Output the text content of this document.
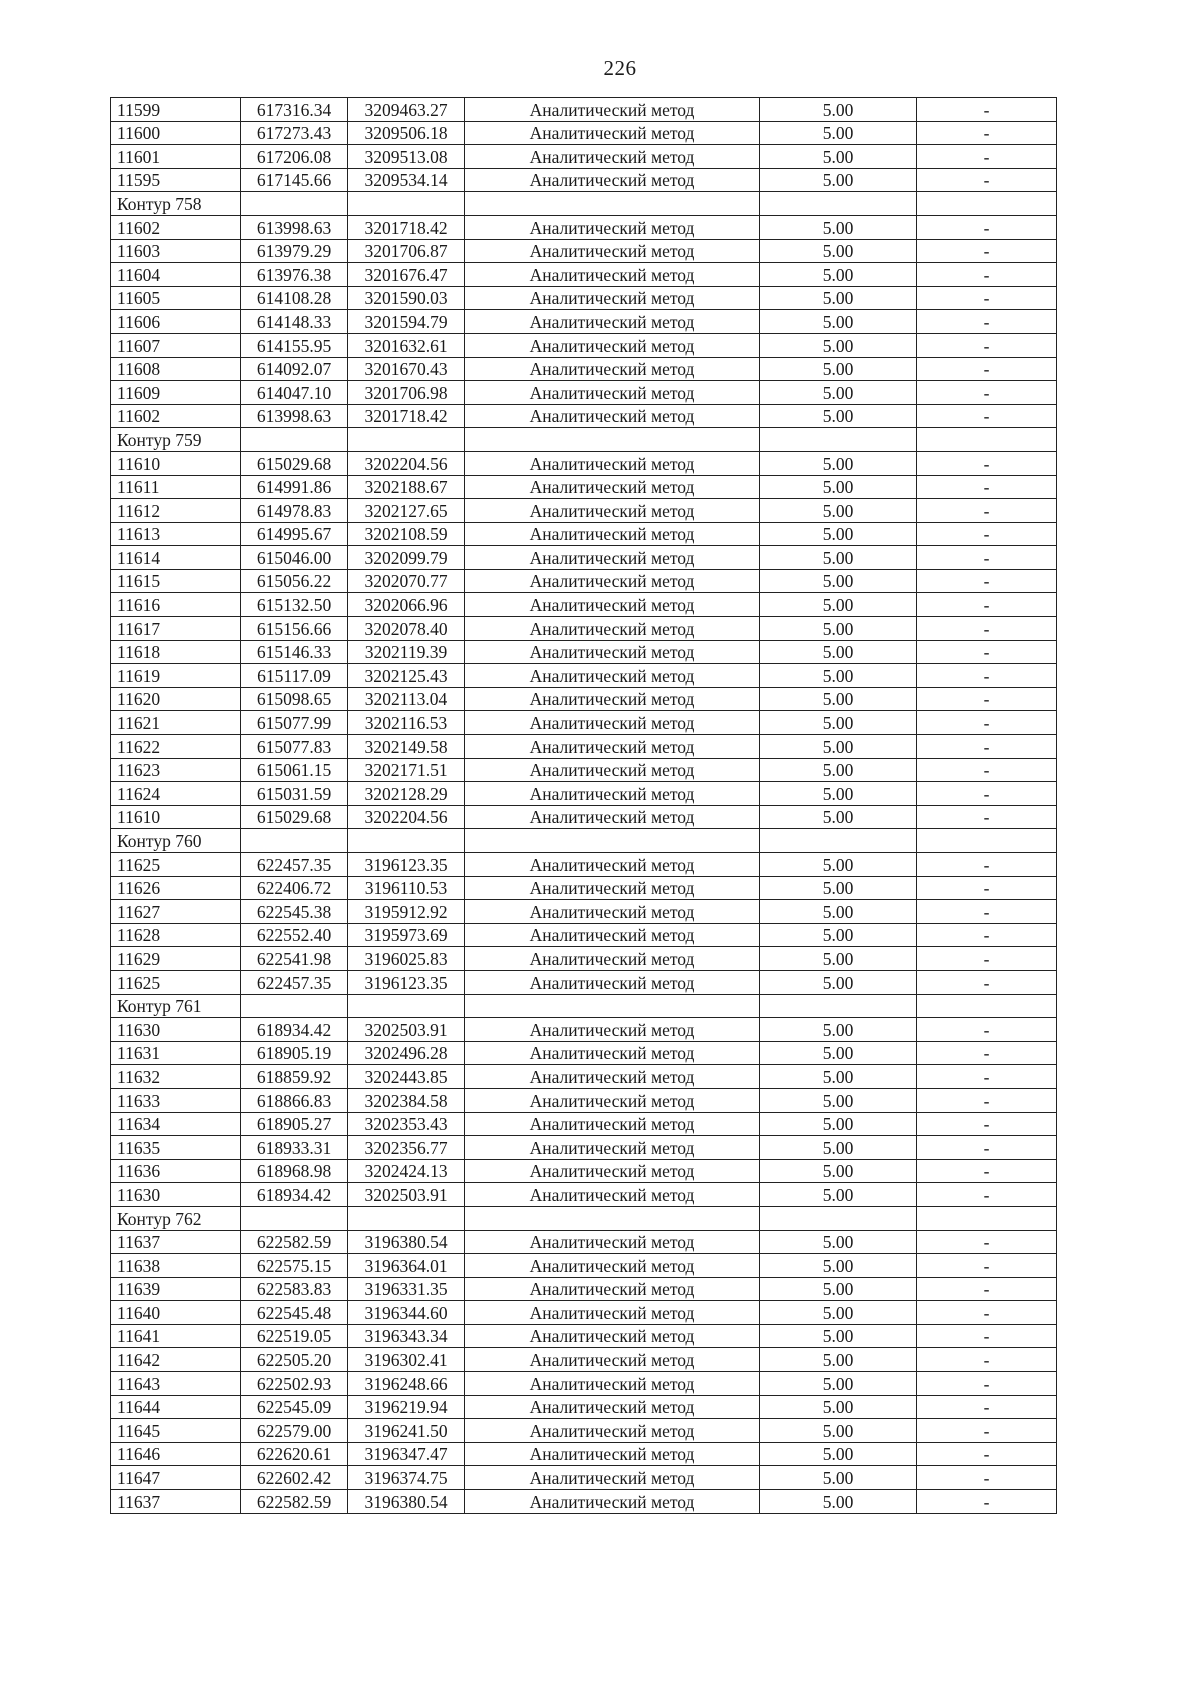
226
11599	617316.34	3209463.27	Аналитический метод	5.00	-
11600	617273.43	3209506.18	Аналитический метод	5.00	-
11601	617206.08	3209513.08	Аналитический метод	5.00	-
11595	617145.66	3209534.14	Аналитический метод	5.00	-
Контур 758					
11602	613998.63	3201718.42	Аналитический метод	5.00	-
11603	613979.29	3201706.87	Аналитический метод	5.00	-
11604	613976.38	3201676.47	Аналитический метод	5.00	-
11605	614108.28	3201590.03	Аналитический метод	5.00	-
11606	614148.33	3201594.79	Аналитический метод	5.00	-
11607	614155.95	3201632.61	Аналитический метод	5.00	-
11608	614092.07	3201670.43	Аналитический метод	5.00	-
11609	614047.10	3201706.98	Аналитический метод	5.00	-
11602	613998.63	3201718.42	Аналитический метод	5.00	-
Контур 759					
11610	615029.68	3202204.56	Аналитический метод	5.00	-
11611	614991.86	3202188.67	Аналитический метод	5.00	-
11612	614978.83	3202127.65	Аналитический метод	5.00	-
11613	614995.67	3202108.59	Аналитический метод	5.00	-
11614	615046.00	3202099.79	Аналитический метод	5.00	-
11615	615056.22	3202070.77	Аналитический метод	5.00	-
11616	615132.50	3202066.96	Аналитический метод	5.00	-
11617	615156.66	3202078.40	Аналитический метод	5.00	-
11618	615146.33	3202119.39	Аналитический метод	5.00	-
11619	615117.09	3202125.43	Аналитический метод	5.00	-
11620	615098.65	3202113.04	Аналитический метод	5.00	-
11621	615077.99	3202116.53	Аналитический метод	5.00	-
11622	615077.83	3202149.58	Аналитический метод	5.00	-
11623	615061.15	3202171.51	Аналитический метод	5.00	-
11624	615031.59	3202128.29	Аналитический метод	5.00	-
11610	615029.68	3202204.56	Аналитический метод	5.00	-
Контур 760					
11625	622457.35	3196123.35	Аналитический метод	5.00	-
11626	622406.72	3196110.53	Аналитический метод	5.00	-
11627	622545.38	3195912.92	Аналитический метод	5.00	-
11628	622552.40	3195973.69	Аналитический метод	5.00	-
11629	622541.98	3196025.83	Аналитический метод	5.00	-
11625	622457.35	3196123.35	Аналитический метод	5.00	-
Контур 761					
11630	618934.42	3202503.91	Аналитический метод	5.00	-
11631	618905.19	3202496.28	Аналитический метод	5.00	-
11632	618859.92	3202443.85	Аналитический метод	5.00	-
11633	618866.83	3202384.58	Аналитический метод	5.00	-
11634	618905.27	3202353.43	Аналитический метод	5.00	-
11635	618933.31	3202356.77	Аналитический метод	5.00	-
11636	618968.98	3202424.13	Аналитический метод	5.00	-
11630	618934.42	3202503.91	Аналитический метод	5.00	-
Контур 762					
11637	622582.59	3196380.54	Аналитический метод	5.00	-
11638	622575.15	3196364.01	Аналитический метод	5.00	-
11639	622583.83	3196331.35	Аналитический метод	5.00	-
11640	622545.48	3196344.60	Аналитический метод	5.00	-
11641	622519.05	3196343.34	Аналитический метод	5.00	-
11642	622505.20	3196302.41	Аналитический метод	5.00	-
11643	622502.93	3196248.66	Аналитический метод	5.00	-
11644	622545.09	3196219.94	Аналитический метод	5.00	-
11645	622579.00	3196241.50	Аналитический метод	5.00	-
11646	622620.61	3196347.47	Аналитический метод	5.00	-
11647	622602.42	3196374.75	Аналитический метод	5.00	-
11637	622582.59	3196380.54	Аналитический метод	5.00	-
